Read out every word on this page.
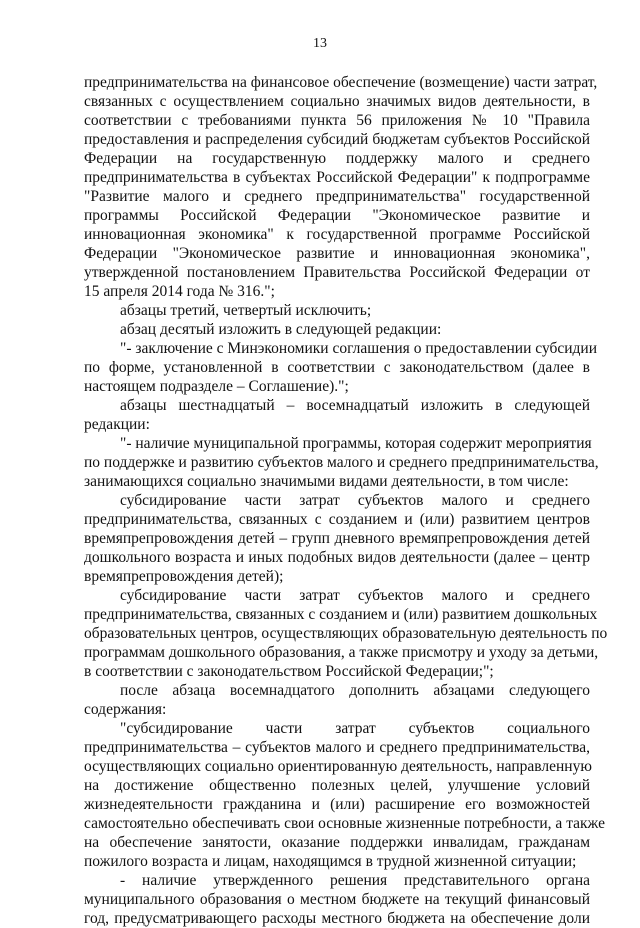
13
предпринимательства на финансовое обеспечение (возмещение) части затрат,
связанных с осуществлением социально значимых видов деятельности, в
соответствии с требованиями пункта 56 приложения № 10 "Правила
предоставления и распределения субсидий бюджетам субъектов Российской
Федерации на государственную поддержку малого и среднего
предпринимательства в субъектах Российской Федерации" к подпрограмме
"Развитие малого и среднего предпринимательства" государственной
программы Российской Федерации "Экономическое развитие и
инновационная экономика" к государственной программе Российской
Федерации "Экономическое развитие и инновационная экономика",
утвержденной постановлением Правительства Российской Федерации от
15 апреля 2014 года № 316.";
абзацы третий, четвертый исключить;
абзац десятый изложить в следующей редакции:
"- заключение с Минэкономики соглашения о предоставлении субсидии
по форме, установленной в соответствии с законодательством (далее в
настоящем подразделе – Соглашение).";
абзацы шестнадцатый – восемнадцатый изложить в следующей
редакции:
"- наличие муниципальной программы, которая содержит мероприятия
по поддержке и развитию субъектов малого и среднего предпринимательства,
занимающихся социально значимыми видами деятельности, в том числе:
субсидирование части затрат субъектов малого и среднего
предпринимательства, связанных с созданием и (или) развитием центров
времяпрепровождения детей – групп дневного времяпрепровождения детей
дошкольного возраста и иных подобных видов деятельности (далее – центр
времяпрепровождения детей);
субсидирование части затрат субъектов малого и среднего
предпринимательства, связанных с созданием и (или) развитием дошкольных
образовательных центров, осуществляющих образовательную деятельность по
программам дошкольного образования, а также присмотру и уходу за детьми,
в соответствии с законодательством Российской Федерации;";
после абзаца восемнадцатого дополнить абзацами следующего
содержания:
"субсидирование части затрат субъектов социального
предпринимательства – субъектов малого и среднего предпринимательства,
осуществляющих социально ориентированную деятельность, направленную
на достижение общественно полезных целей, улучшение условий
жизнедеятельности гражданина и (или) расширение его возможностей
самостоятельно обеспечивать свои основные жизненные потребности, а также
на обеспечение занятости, оказание поддержки инвалидам, гражданам
пожилого возраста и лицам, находящимся в трудной жизненной ситуации;
- наличие утвержденного решения представительного органа
муниципального образования о местном бюджете на текущий финансовый
год, предусматривающего расходы местного бюджета на обеспечение доли
